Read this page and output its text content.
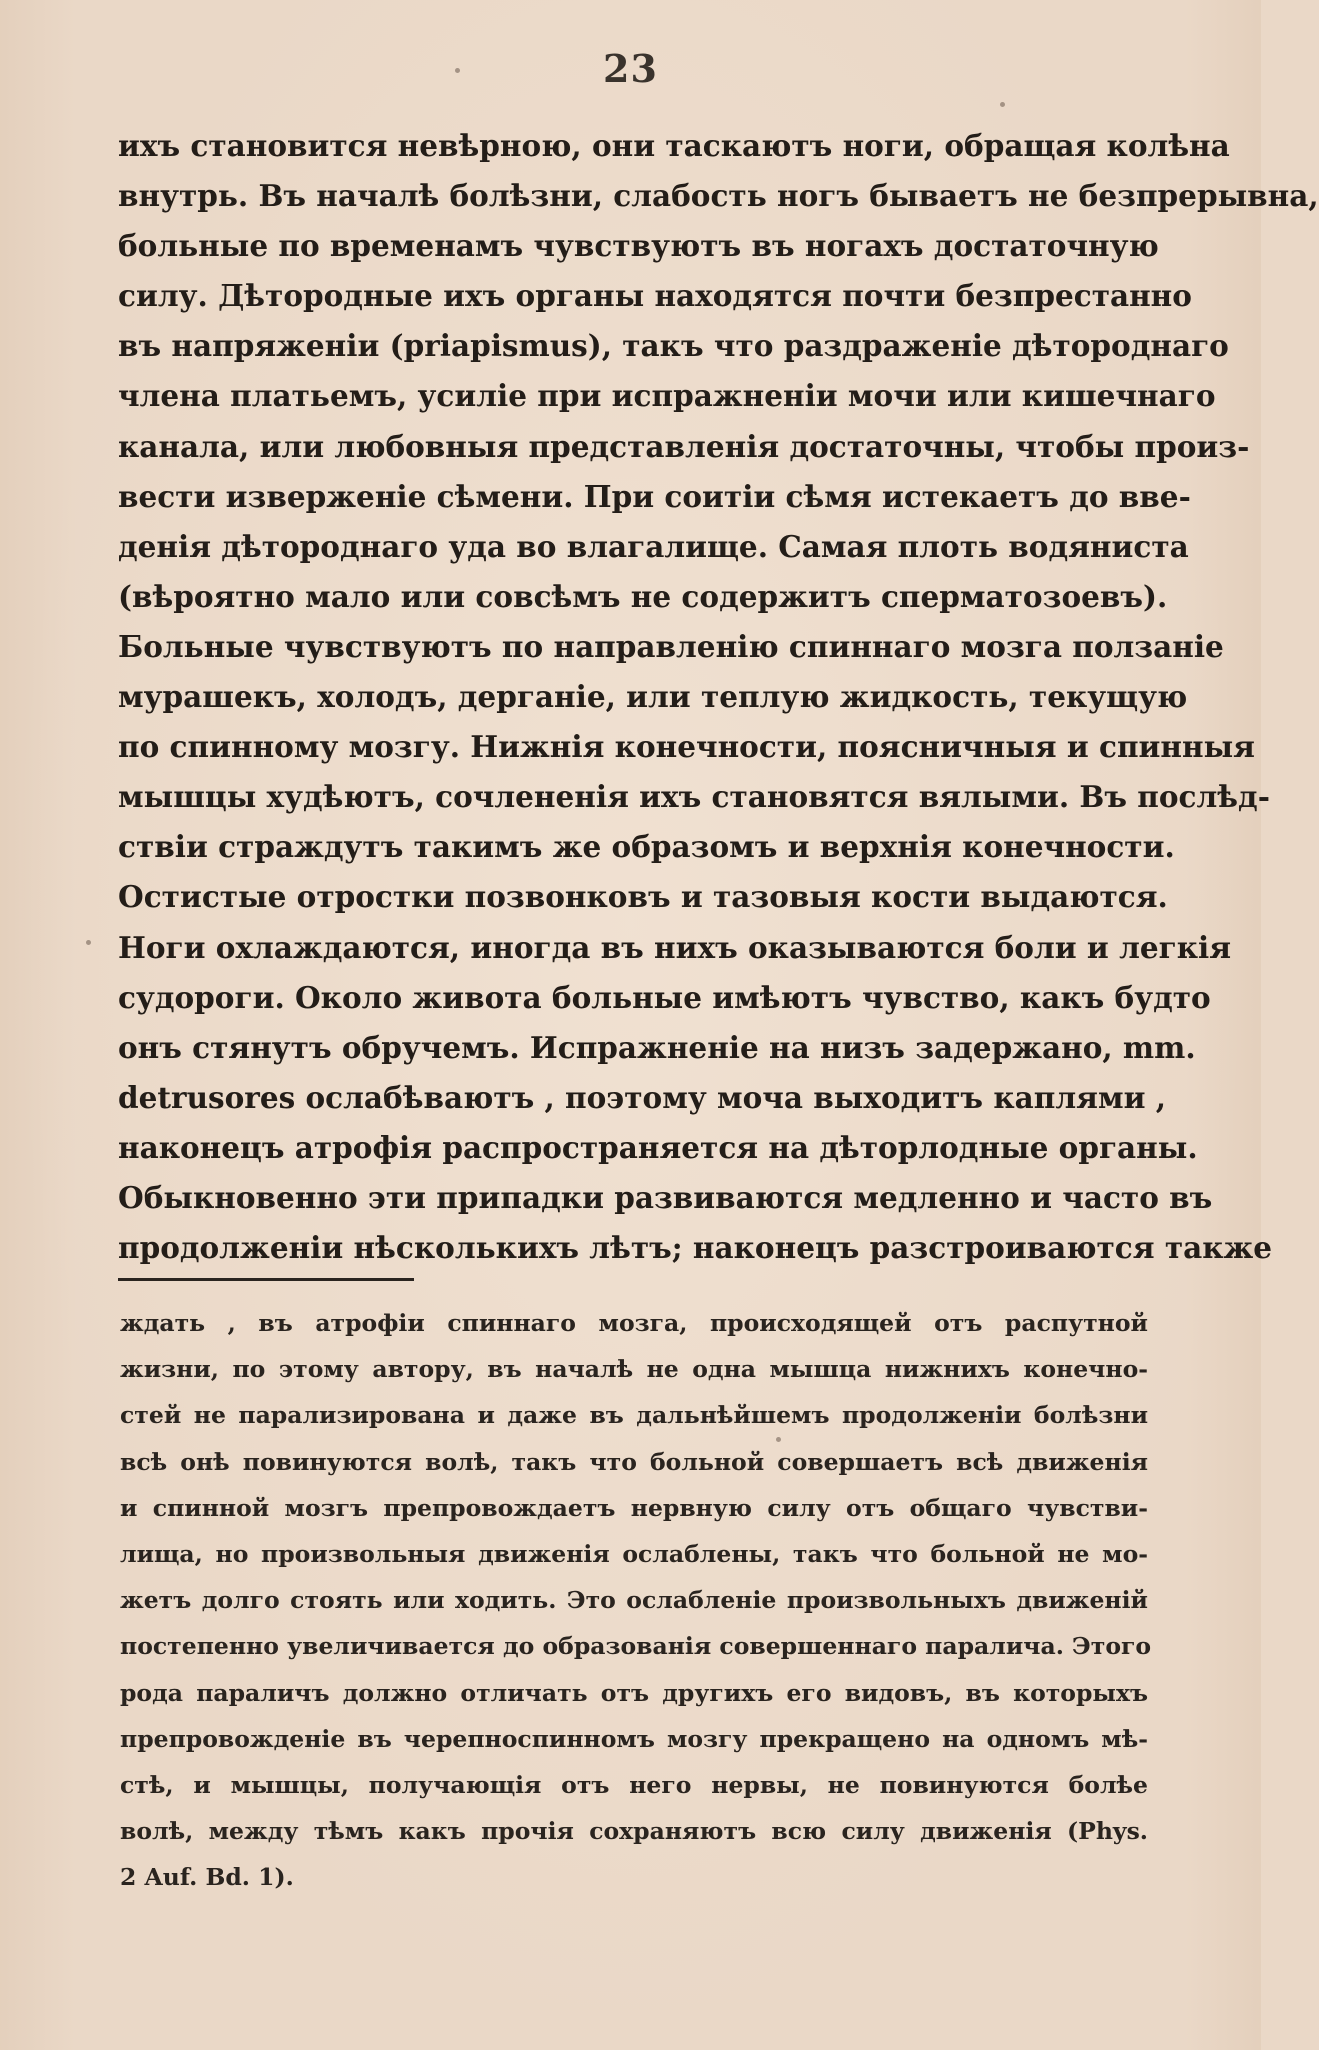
23
ихъ становится невѣрною, они таскаютъ ноги, обращая колѣна
внутрь. Въ началѣ болѣзни, слабость ногъ бываетъ не безпрерывна,
больные по временамъ чувствуютъ въ ногахъ достаточную
силу. Дѣтородные ихъ органы находятся почти безпрестанно
въ напряженіи (priapismus), такъ что раздраженіе дѣтороднаго
члена платьемъ, усиліе при испражненіи мочи или кишечнаго
канала, или любовныя представленія достаточны, чтобы произ-
вести изверженіе сѣмени. При соитіи сѣмя истекаетъ до вве-
денія дѣтороднаго уда во влагалище. Самая плоть водяниста
(вѣроятно мало или совсѣмъ не содержитъ сперматозоевъ).
Больные чувствуютъ по направленію спиннаго мозга ползаніе
мурашекъ, холодъ, дерганіе, или теплую жидкость, текущую
по спинному мозгу. Нижнія конечности, поясничныя и спинныя
мышцы худѣютъ, сочлененія ихъ становятся вялыми. Въ послѣд-
ствіи страждутъ такимъ же образомъ и верхнія конечности.
Остистые отростки позвонковъ и тазовыя кости выдаются.
Ноги охлаждаются, иногда въ нихъ оказываются боли и легкія
судороги. Около живота больные имѣютъ чувство, какъ будто
онъ стянутъ обручемъ. Испражненіе на низъ задержано, mm.
detrusores ослабѣваютъ , поэтому моча выходитъ каплями ,
наконецъ атрофія распространяется на дѣторлодные органы.
Обыкновенно эти припадки развиваются медленно и часто въ
продолженіи нѣсколькихъ лѣтъ; наконецъ разстроиваются также
ждать , въ атрофіи спиннаго мозга, происходящей отъ распутной
жизни, по этому автору, въ началѣ не одна мышца нижнихъ конечно-
стей не парализирована и даже въ дальнѣйшемъ продолженіи болѣзни
всѣ онѣ повинуются волѣ, такъ что больной совершаетъ всѣ движенія
и спинной мозгъ препровождаетъ нервную силу отъ общаго чувстви-
лища, но произвольныя движенія ослаблены, такъ что больной не мо-
жетъ долго стоять или ходить. Это ослабленіе произвольныхъ движеній
постепенно увеличивается до образованія совершеннаго паралича. Этого
рода параличъ должно отличать отъ другихъ его видовъ, въ которыхъ
препровожденіе въ черепноспинномъ мозгу прекращено на одномъ мѣ-
стѣ, и мышцы, получающія отъ него нервы, не повинуются болѣе
волѣ, между тѣмъ какъ прочія сохраняютъ всю силу движенія (Phys.
2 Auf. Bd. 1).
